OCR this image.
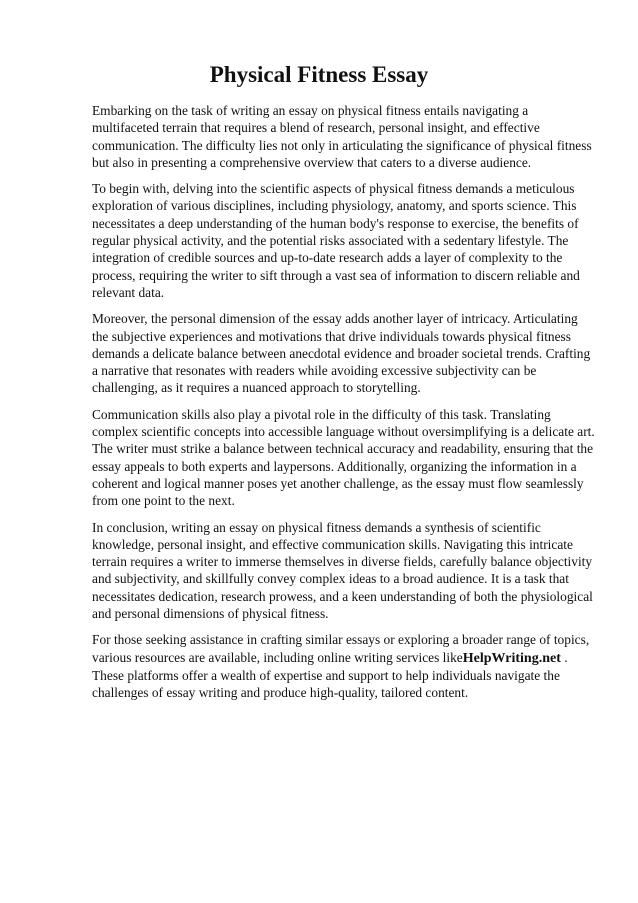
Physical Fitness Essay

Embarking on the task of writing an essay on physical fitness entails navigating a multifaceted terrain that requires a blend of research, personal insight, and effective communication. The difficulty lies not only in articulating the significance of physical fitness but also in presenting a comprehensive overview that caters to a diverse audience.

To begin with, delving into the scientific aspects of physical fitness demands a meticulous exploration of various disciplines, including physiology, anatomy, and sports science. This necessitates a deep understanding of the human body's response to exercise, the benefits of regular physical activity, and the potential risks associated with a sedentary lifestyle. The integration of credible sources and up-to-date research adds a layer of complexity to the process, requiring the writer to sift through a vast sea of information to discern reliable and relevant data.

Moreover, the personal dimension of the essay adds another layer of intricacy. Articulating the subjective experiences and motivations that drive individuals towards physical fitness demands a delicate balance between anecdotal evidence and broader societal trends. Crafting a narrative that resonates with readers while avoiding excessive subjectivity can be challenging, as it requires a nuanced approach to storytelling.

Communication skills also play a pivotal role in the difficulty of this task. Translating complex scientific concepts into accessible language without oversimplifying is a delicate art. The writer must strike a balance between technical accuracy and readability, ensuring that the essay appeals to both experts and laypersons. Additionally, organizing the information in a coherent and logical manner poses yet another challenge, as the essay must flow seamlessly from one point to the next.

In conclusion, writing an essay on physical fitness demands a synthesis of scientific knowledge, personal insight, and effective communication skills. Navigating this intricate terrain requires a writer to immerse themselves in diverse fields, carefully balance objectivity and subjectivity, and skillfully convey complex ideas to a broad audience. It is a task that necessitates dedication, research prowess, and a keen understanding of both the physiological and personal dimensions of physical fitness.

For those seeking assistance in crafting similar essays or exploring a broader range of topics, various resources are available, including online writing services likeHelpWriting.net . These platforms offer a wealth of expertise and support to help individuals navigate the challenges of essay writing and produce high-quality, tailored content.
